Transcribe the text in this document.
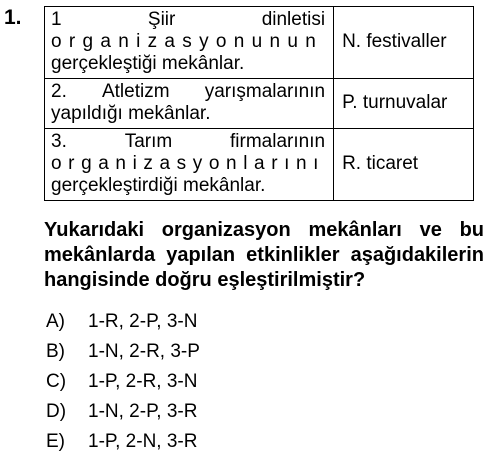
1. 1 Şiir dinletisi
organizasyonunun
gerçekleştiği mekânlar.	N. festivaller

2. Atletizm yarışmalarının
yapıldığı mekânlar.	P. turnuvalar

3. Tarım firmalarının
organizasyonlarını
gerçekleştirdiği mekânlar.	R. ticaret
Yukarıdaki organizasyon mekânları ve bu
mekânlarda yapılan etkinlikler aşağıdakilerin
hangisinde doğru eşleştirilmiştir?
A)	1-R, 2-P, 3-N
B)	1-N, 2-R, 3-P
C)	1-P, 2-R, 3-N
D)	1-N, 2-P, 3-R
E)	1-P, 2-N, 3-R
